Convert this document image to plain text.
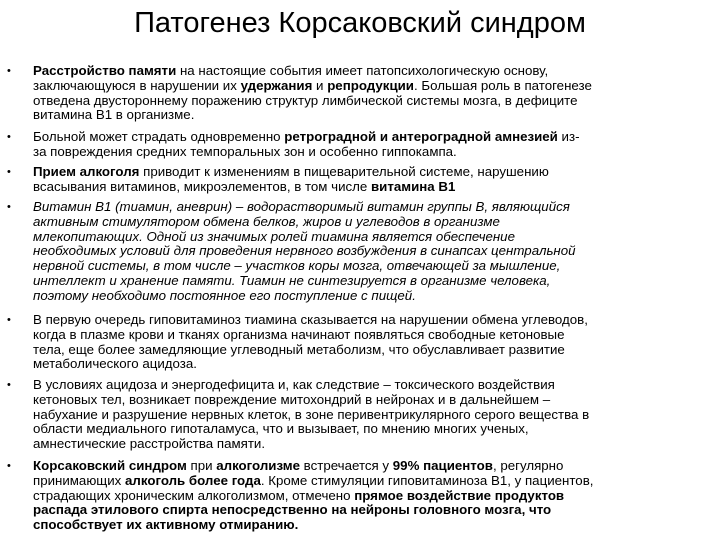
Патогенез Корсаковский синдром
• Расстройство памяти на настоящие события имеет патопсихологическую основу,
заключающуюся в нарушении их удержания и репродукции. Большая роль в патогенезе
отведена двустороннему поражению структур лимбической системы мозга, в дефиците
витамина В1 в организме.
• Больной может страдать одновременно ретроградной и антероградной амнезией из-
за повреждения средних темпоральных зон и особенно гиппокампа.
• Прием алкоголя приводит к изменениям в пищеварительной системе, нарушению
всасывания витаминов, микроэлементов, в том числе витамина В1
• Витамин В1 (тиамин, аневрин) – водорастворимый витамин группы В, являющийся
активным стимулятором обмена белков, жиров и углеводов в организме
млекопитающих. Одной из значимых ролей тиамина является обеспечение
необходимых условий для проведения нервного возбуждения в синапсах центральной
нервной системы, в том числе – участков коры мозга, отвечающей за мышление,
интеллект и хранение памяти. Тиамин не синтезируется в организме человека,
поэтому необходимо постоянное его поступление с пищей.
• В первую очередь гиповитаминоз тиамина сказывается на нарушении обмена углеводов,
когда в плазме крови и тканях организма начинают появляться свободные кетоновые
тела, еще более замедляющие углеводный метаболизм, что обуславливает развитие
метаболического ацидоза.
• В условиях ацидоза и энергодефицита и, как следствие – токсического воздействия
кетоновых тел, возникает повреждение митохондрий в нейронах и в дальнейшем –
набухание и разрушение нервных клеток, в зоне перивентрикулярного серого вещества в
области медиального гипоталамуса, что и вызывает, по мнению многих ученых,
амнестические расстройства памяти.
• Корсаковский синдром при алкоголизме встречается у 99% пациентов, регулярно
принимающих алкоголь более года. Кроме стимуляции гиповитаминоза В1, у пациентов,
страдающих хроническим алкоголизмом, отмечено прямое воздействие продуктов
распада этилового спирта непосредственно на нейроны головного мозга, что
способствует их активному отмиранию.
